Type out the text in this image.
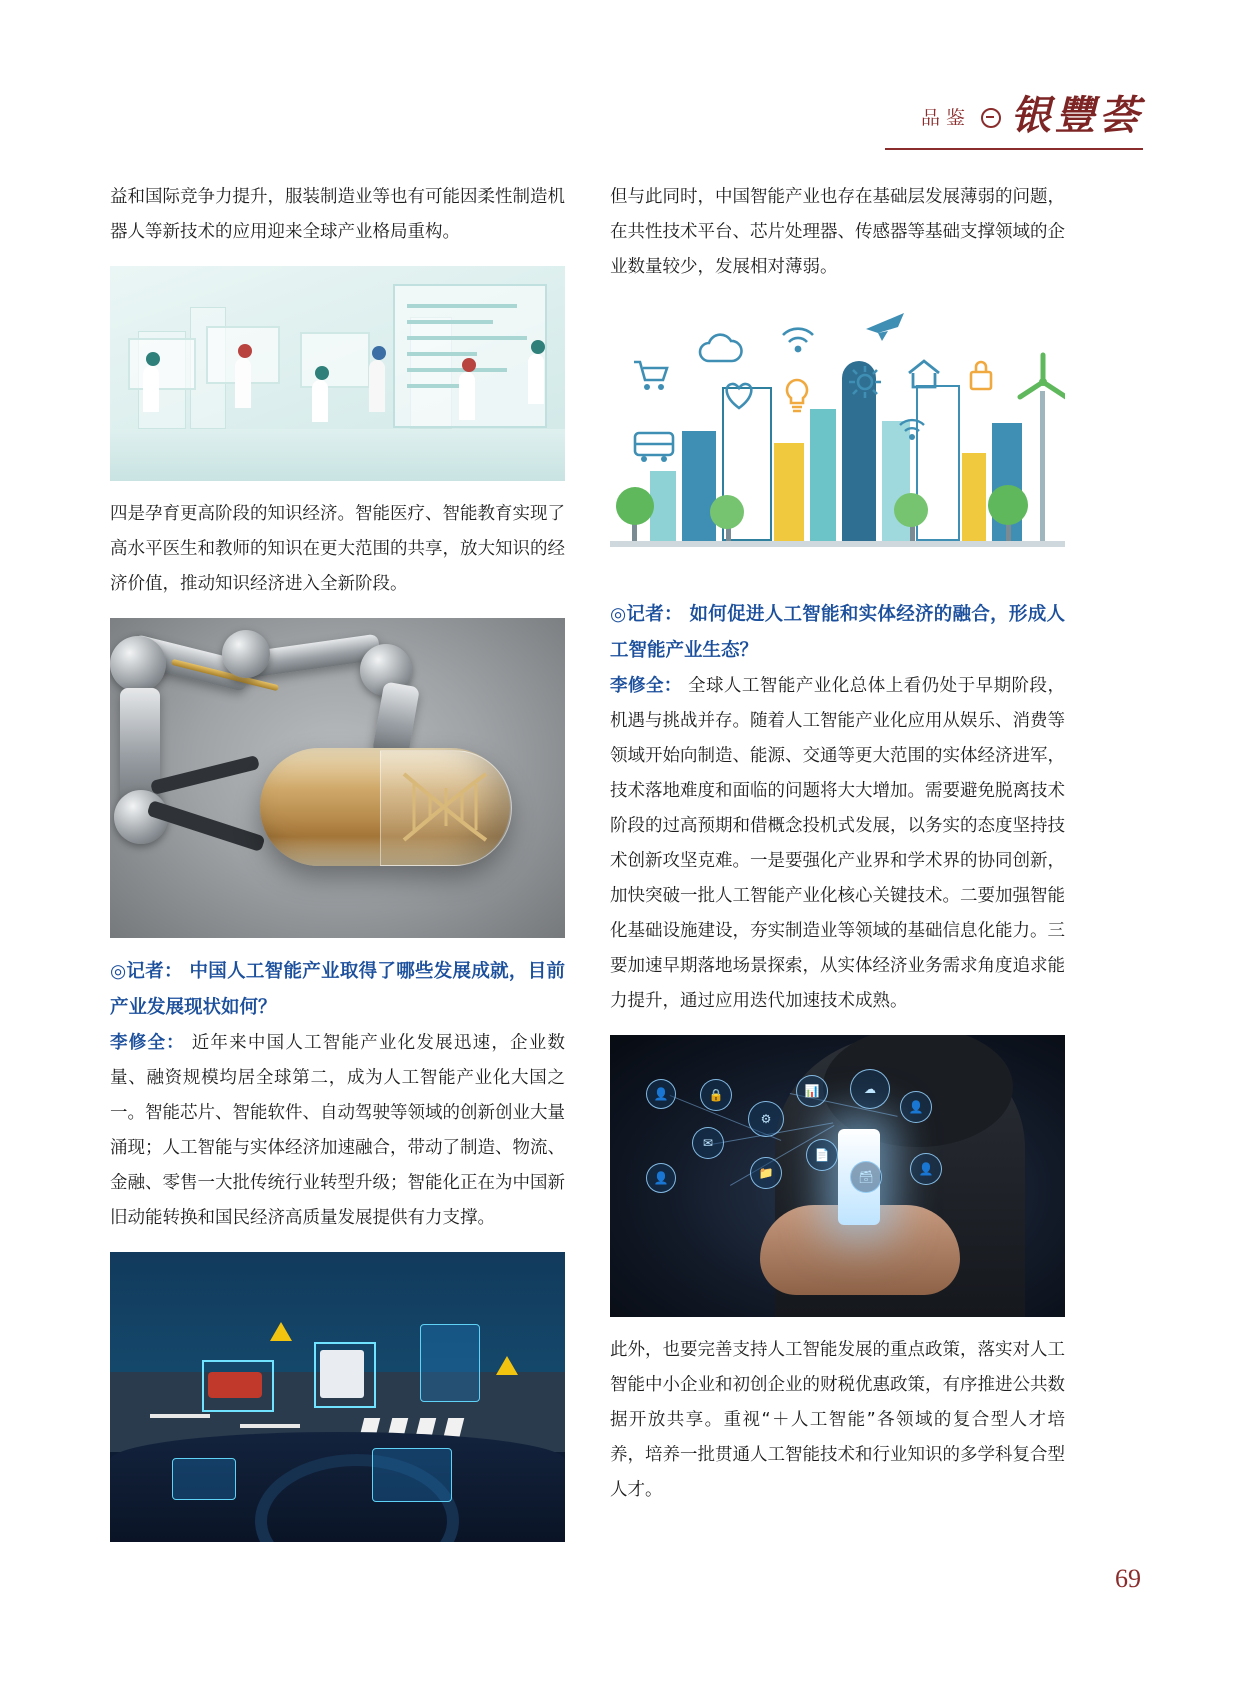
品鉴 银豐荟

益和国际竞争力提升，服装制造业等也有可能因柔性制造机器人等新技术的应用迎来全球产业格局重构。

四是孕育更高阶段的知识经济。智能医疗、智能教育实现了高水平医生和教师的知识在更大范围的共享，放大知识的经济价值，推动知识经济进入全新阶段。

◎记者： 中国人工智能产业取得了哪些发展成就，目前产业发展现状如何？

李修全： 近年来中国人工智能产业化发展迅速，企业数量、融资规模均居全球第二，成为人工智能产业化大国之一。智能芯片、智能软件、自动驾驶等领域的创新创业大量涌现；人工智能与实体经济加速融合，带动了制造、物流、金融、零售一大批传统行业转型升级；智能化正在为中国新旧动能转换和国民经济高质量发展提供有力支撑。

但与此同时，中国智能产业也存在基础层发展薄弱的问题，在共性技术平台、芯片处理器、传感器等基础支撑领域的企业数量较少，发展相对薄弱。

◎记者： 如何促进人工智能和实体经济的融合，形成人工智能产业生态？

李修全： 全球人工智能产业化总体上看仍处于早期阶段，机遇与挑战并存。随着人工智能产业化应用从娱乐、消费等领域开始向制造、能源、交通等更大范围的实体经济进军，技术落地难度和面临的问题将大大增加。需要避免脱离技术阶段的过高预期和借概念投机式发展，以务实的态度坚持技术创新攻坚克难。一是要强化产业界和学术界的协同创新，加快突破一批人工智能产业化核心关键技术。二要加强智能化基础设施建设，夯实制造业等领域的基础信息化能力。三要加速早期落地场景探索，从实体经济业务需求角度追求能力提升，通过应用迭代加速技术成熟。

👤
👤
✉
🔒
⚙
📁
📊
📄
☁
👤
👤
🗃

此外，也要完善支持人工智能发展的重点政策，落实对人工智能中小企业和初创企业的财税优惠政策，有序推进公共数据开放共享。重视“＋人工智能”各领域的复合型人才培养，培养一批贯通人工智能技术和行业知识的多学科复合型人才。

69
